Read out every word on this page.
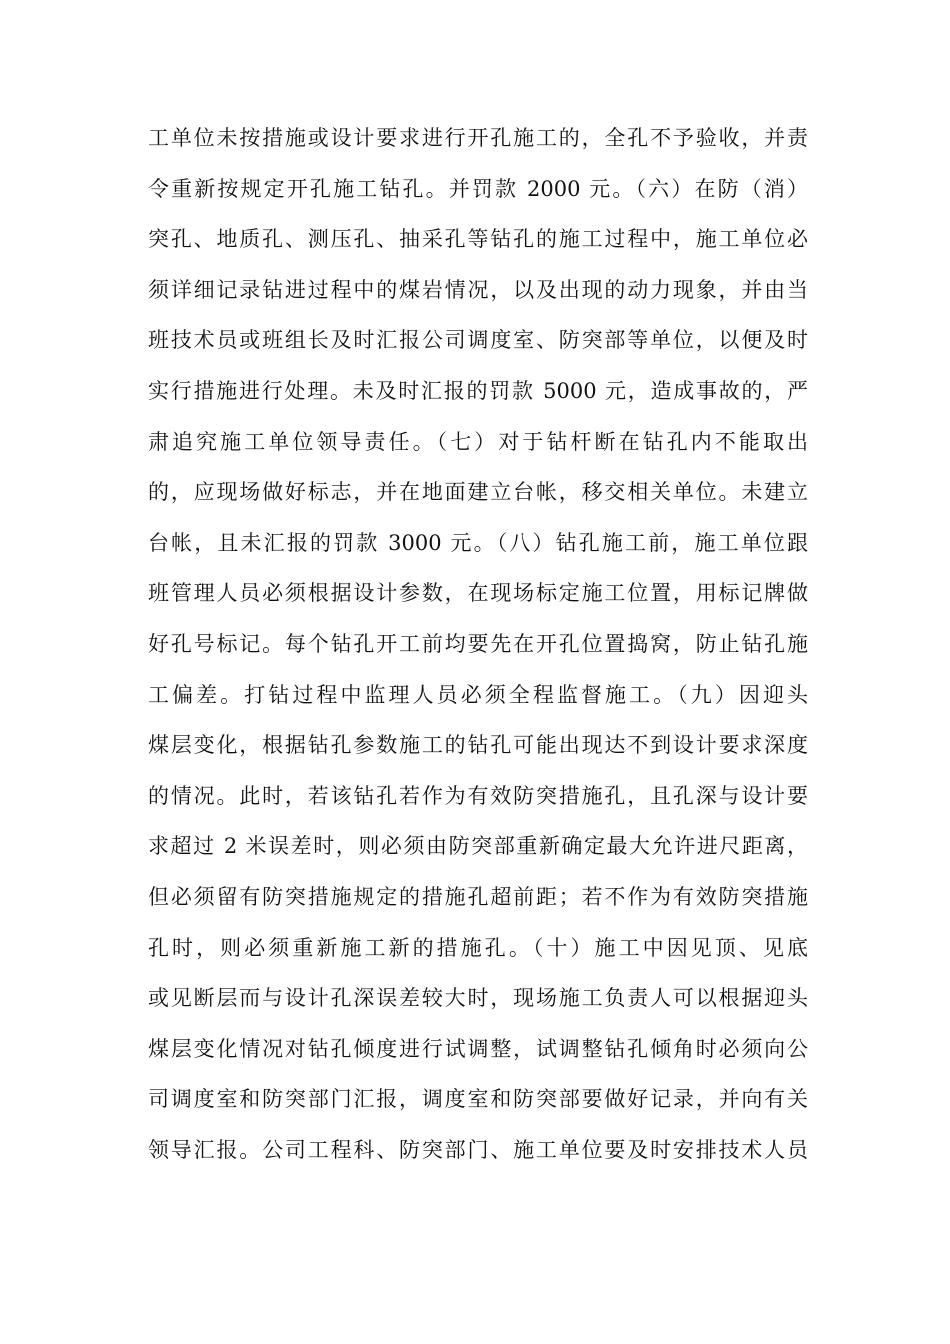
工单位未按措施或设计要求进行开孔施工的，全孔不予验收，并责
令重新按规定开孔施工钻孔。并罚款 2000 元。（六）在防（消）
突孔、地质孔、测压孔、抽采孔等钻孔的施工过程中，施工单位必
须详细记录钻进过程中的煤岩情况，以及出现的动力现象，并由当
班技术员或班组长及时汇报公司调度室、防突部等单位，以便及时
实行措施进行处理。未及时汇报的罚款 5000 元，造成事故的，严
肃追究施工单位领导责任。（七）对于钻杆断在钻孔内不能取出
的，应现场做好标志，并在地面建立台帐，移交相关单位。未建立
台帐，且未汇报的罚款 3000 元。（八）钻孔施工前，施工单位跟
班管理人员必须根据设计参数，在现场标定施工位置，用标记牌做
好孔号标记。每个钻孔开工前均要先在开孔位置捣窝，防止钻孔施
工偏差。打钻过程中监理人员必须全程监督施工。（九）因迎头
煤层变化，根据钻孔参数施工的钻孔可能出现达不到设计要求深度
的情况。此时，若该钻孔若作为有效防突措施孔，且孔深与设计要
求超过 2 米误差时，则必须由防突部重新确定最大允许进尺距离，
但必须留有防突措施规定的措施孔超前距；若不作为有效防突措施
孔时，则必须重新施工新的措施孔。（十）施工中因见顶、见底
或见断层而与设计孔深误差较大时，现场施工负责人可以根据迎头
煤层变化情况对钻孔倾度进行试调整，试调整钻孔倾角时必须向公
司调度室和防突部门汇报，调度室和防突部要做好记录，并向有关
领导汇报。公司工程科、防突部门、施工单位要及时安排技术人员
